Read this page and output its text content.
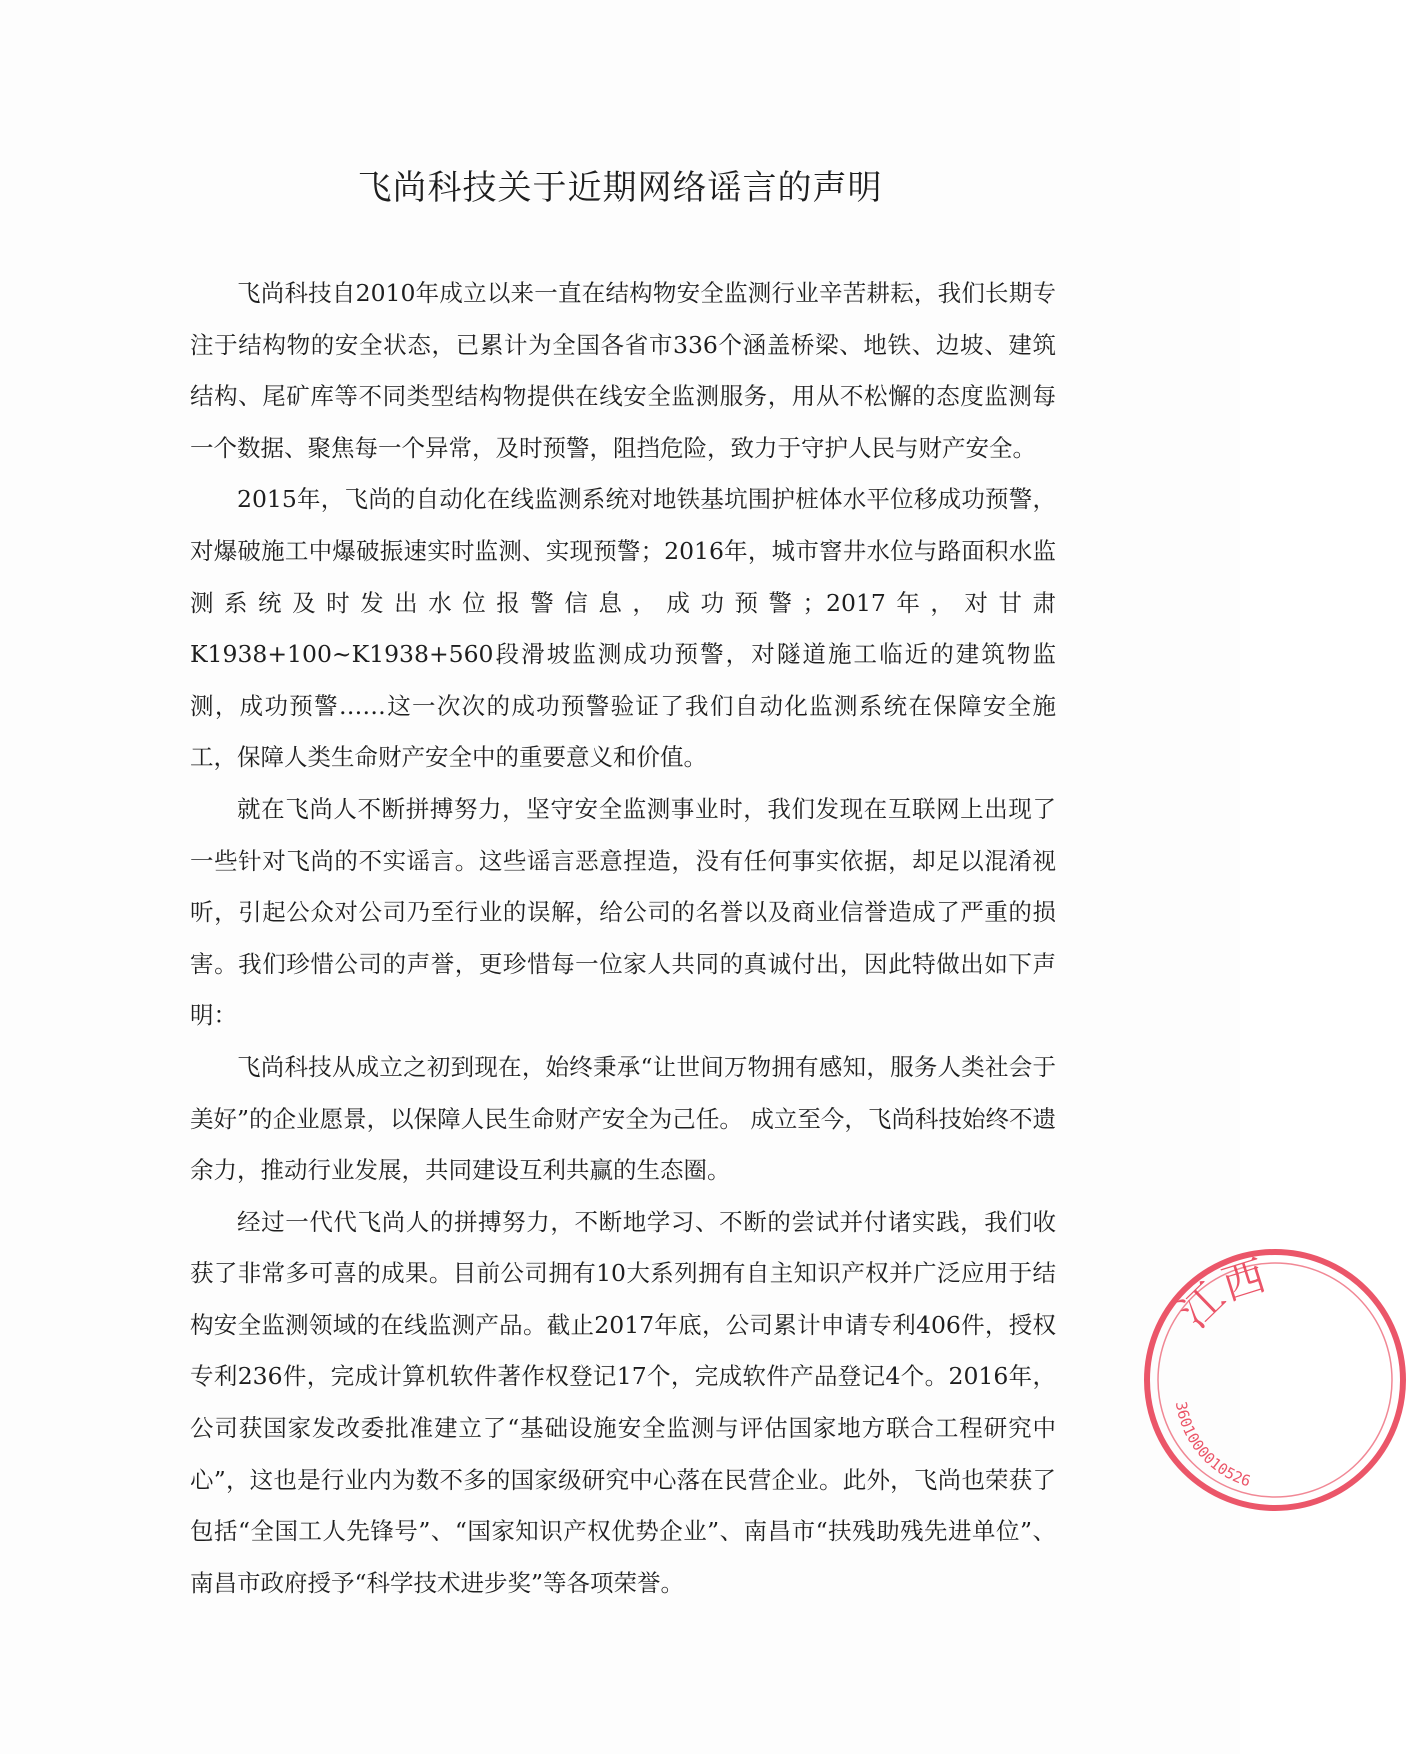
飞尚科技关于近期网络谣言的声明

飞尚科技自2010年成立以来一直在结构物安全监测行业辛苦耕耘，我们长期专注于结构物的安全状态，已累计为全国各省市336个涵盖桥梁、地铁、边坡、建筑结构、尾矿库等不同类型结构物提供在线安全监测服务，用从不松懈的态度监测每一个数据、聚焦每一个异常，及时预警，阻挡危险，致力于守护人民与财产安全。

2015年，飞尚的自动化在线监测系统对地铁基坑围护桩体水平位移成功预警，对爆破施工中爆破振速实时监测、实现预警；2016年，城市窨井水位与路面积水监测系统及时发出水位报警信息，成功预警；2017年，对甘肃K1938+100~K1938+560段滑坡监测成功预警，对隧道施工临近的建筑物监测，成功预警……这一次次的成功预警验证了我们自动化监测系统在保障安全施工，保障人类生命财产安全中的重要意义和价值。

就在飞尚人不断拼搏努力，坚守安全监测事业时，我们发现在互联网上出现了一些针对飞尚的不实谣言。这些谣言恶意捏造，没有任何事实依据，却足以混淆视听，引起公众对公司乃至行业的误解，给公司的名誉以及商业信誉造成了严重的损害。我们珍惜公司的声誉，更珍惜每一位家人共同的真诚付出，因此特做出如下声明：

飞尚科技从成立之初到现在，始终秉承“让世间万物拥有感知，服务人类社会于美好”的企业愿景，以保障人民生命财产安全为己任。 成立至今，飞尚科技始终不遗余力，推动行业发展，共同建设互利共赢的生态圈。

经过一代代飞尚人的拼搏努力，不断地学习、不断的尝试并付诸实践，我们收获了非常多可喜的成果。目前公司拥有10大系列拥有自主知识产权并广泛应用于结构安全监测领域的在线监测产品。截止2017年底，公司累计申请专利406件，授权专利236件，完成计算机软件著作权登记17个，完成软件产品登记4个。2016年，公司获国家发改委批准建立了“基础设施安全监测与评估国家地方联合工程研究中心”，这也是行业内为数不多的国家级研究中心落在民营企业。此外，飞尚也荣获了包括“全国工人先锋号”、“国家知识产权优势企业”、南昌市“扶残助残先进单位”、南昌市政府授予“科学技术进步奖”等各项荣誉。

江西
3601000010526
